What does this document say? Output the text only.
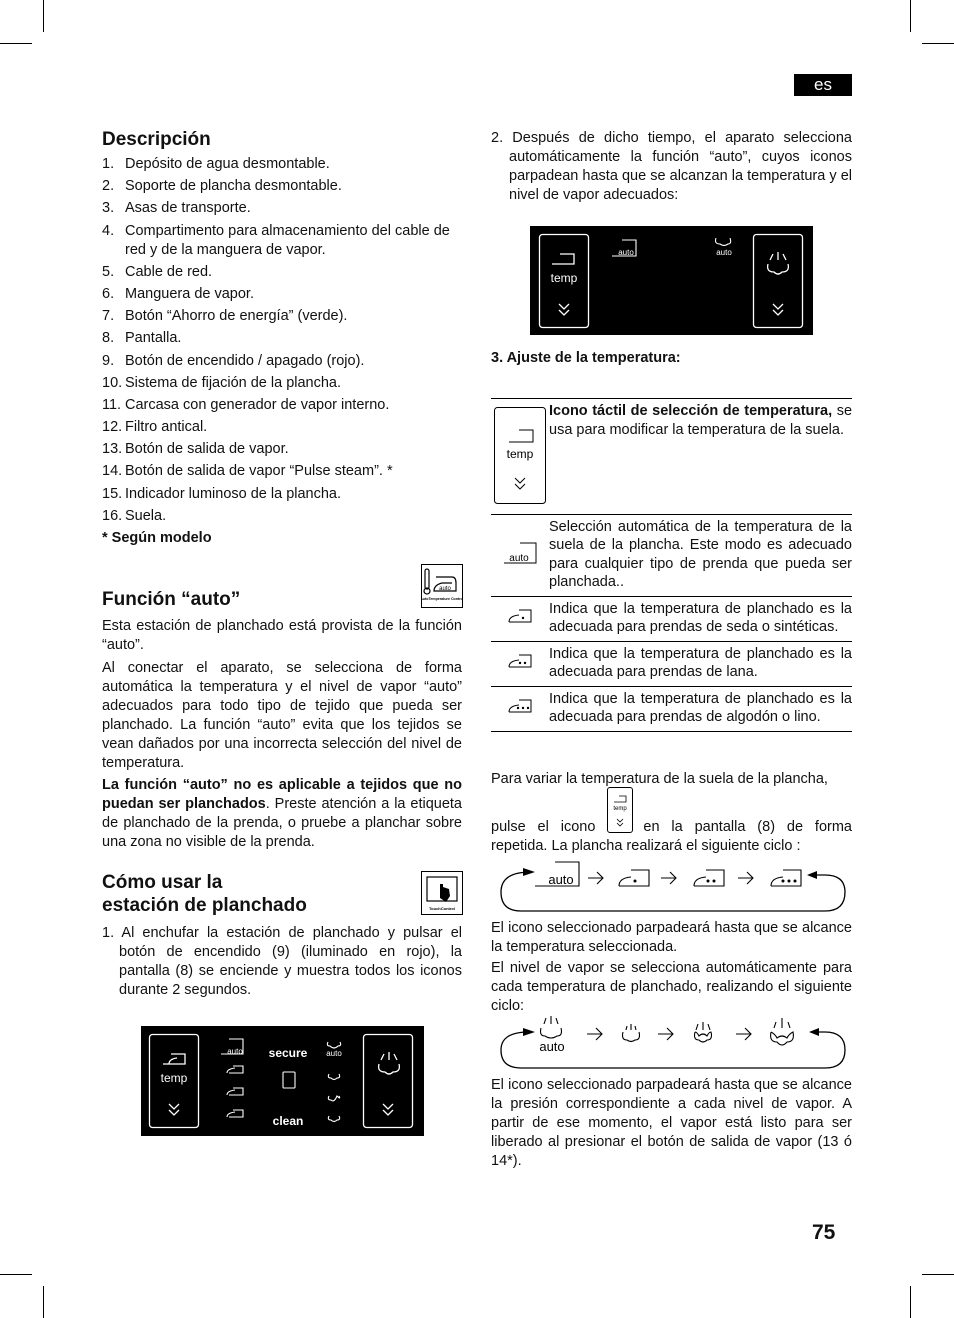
es
75
Descripción
1. Depósito de agua desmontable.
2. Soporte de plancha desmontable.
3. Asas de transporte.
4. Compartimento para almacenamiento del cable de red y de la manguera de vapor.
5. Cable de red.
6. Manguera de vapor.
7. Botón “Ahorro de energía” (verde).
8. Pantalla.
9. Botón de encendido / apagado (rojo).
10. Sistema de fijación de la plancha.
11. Carcasa con generador de vapor interno.
12. Filtro antical.
13. Botón de salida de vapor.
14. Botón de salida de vapor “Pulse steam”. *
15. Indicador luminoso de la plancha.
16. Suela.
* Según modelo
Función “auto”	auto
AutoTemperature Control

Esta estación de planchado está provista de la función “auto”.

Al conectar el aparato, se selecciona de forma automática la temperatura y el nivel de vapor “auto” adecuados para todo tipo de tejido que pueda ser planchado. La función “auto” evita que los tejidos se vean dañados por una incorrecta selección del nivel de temperatura.

La función “auto” no es aplicable a tejidos que no puedan ser planchados. Preste atención a la etiqueta de planchado de la prenda, o pruebe a planchar sobre una zona no visible de la prenda.

Cómo usar la
estación de planchado	TouchControl

1. Al enchufar la estación de planchado y pulsar el botón de encendido (9) (iluminado en rojo), la pantalla (8) se enciende y muestra todos los iconos durante 2 segundos.

temp
auto	auto
secure
clean

2. Después de dicho tiempo, el aparato selecciona automáticamente la función “auto”, cuyos iconos parpadean hasta que se alcanzan la temperatura y el nivel de vapor adecuados:

temp
auto	auto
3. Ajuste de la temperatura:
temp	Icono táctil de selección de temperatura, se usa para modificar la temperatura de la suela.

auto	Selección automática de la temperatura de la suela de la plancha. Este modo es adecuado para cualquier tipo de prenda que pueda ser planchada..
	Indica que la temperatura de planchado es la adecuada para prendas de seda o sintéticas.
	Indica que la temperatura de planchado es la adecuada para prendas de lana.
	Indica que la temperatura de planchado es la adecuada para prendas de algodón o lino.

Para variar la temperatura de la suela de la plancha,

temp

pulse el icono	en la pantalla (8) de forma repetida. La plancha realizará el siguiente ciclo :

auto

El icono seleccionado parpadeará hasta que se alcance la temperatura seleccionada.

El nivel de vapor se selecciona automáticamente para cada temperatura de planchado, realizando el siguiente ciclo:

auto

El icono seleccionado parpadeará hasta que se alcance la presión correspondiente a cada nivel de vapor. A partir de ese momento, el vapor está listo para ser liberado al presionar el botón de salida de vapor (13 ó 14*).
